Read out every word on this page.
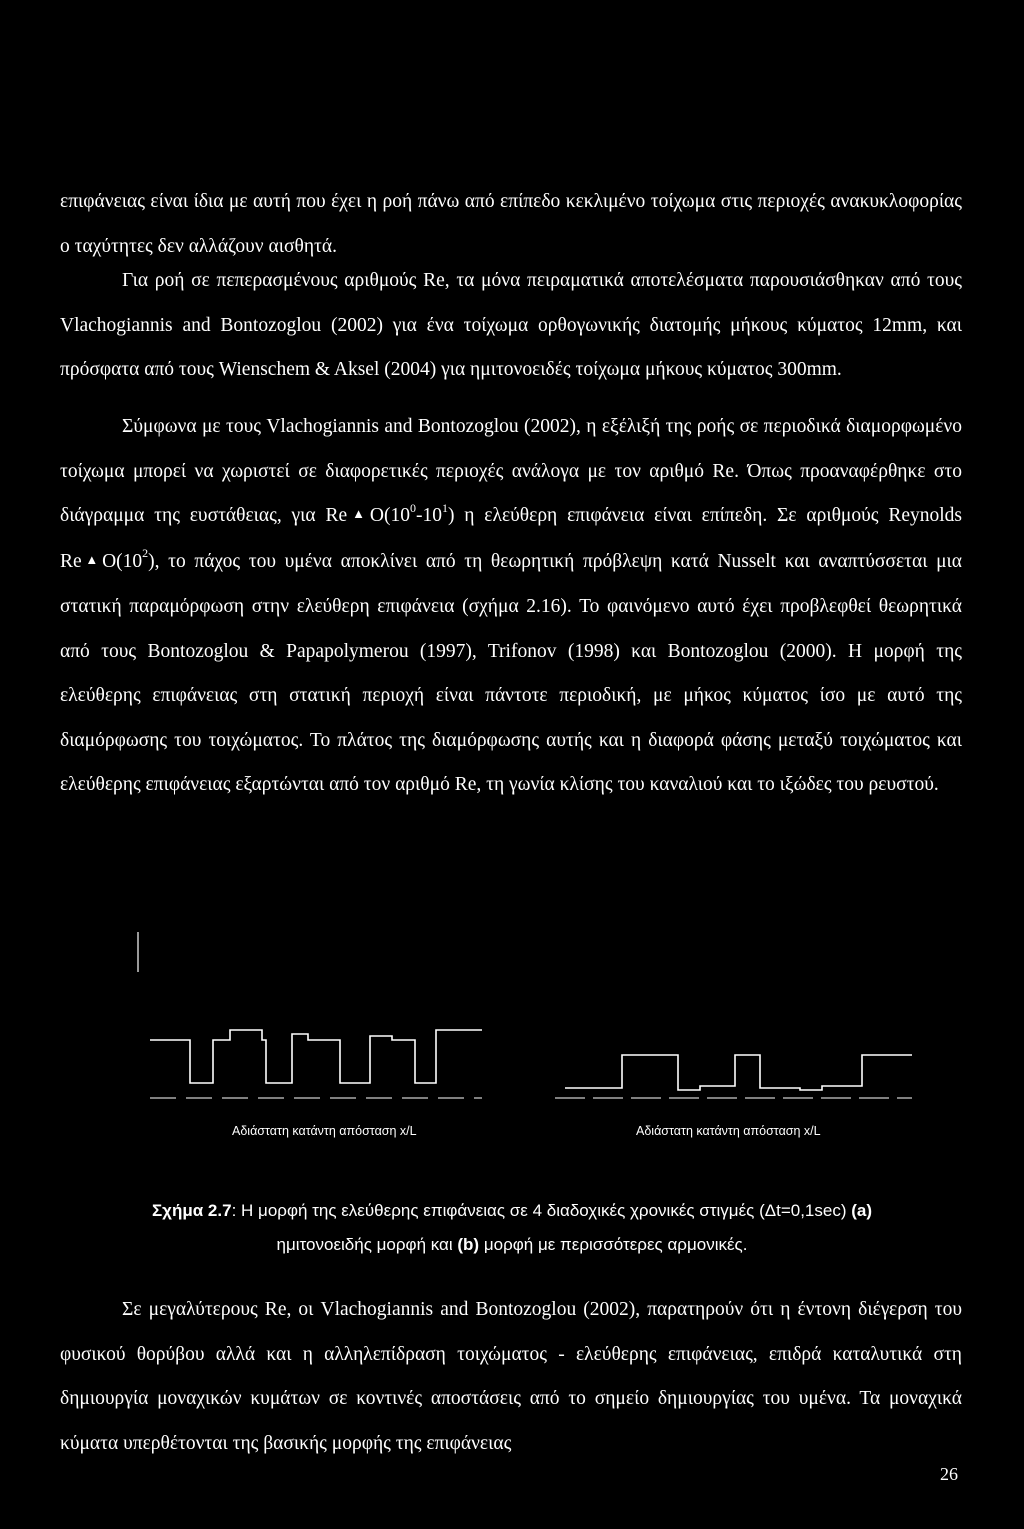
επιφάνειας είναι ίδια με αυτή που έχει η ροή πάνω από επίπεδο κεκλιμένο τοίχωμα στις περιοχές ανακυκλοφορίας ο ταχύτητες δεν αλλάζουν αισθητά.

Για ροή σε πεπερασμένους αριθμούς Re, τα μόνα πειραματικά αποτελέσματα παρουσιάσθηκαν από τους Vlachogiannis and Bontozoglou (2002) για ένα τοίχωμα ορθογωνικής διατομής μήκους κύματος 12mm, και πρόσφατα από τους Wienschem & Aksel (2004) για ημιτονοειδές τοίχωμα μήκους κύματος 300mm.

Σύμφωνα με τους Vlachogiannis and Bontozoglou (2002), η εξέλιξή της ροής σε περιοδικά διαμορφωμένο τοίχωμα μπορεί να χωριστεί σε διαφορετικές περιοχές ανάλογα με τον αριθμό Re. Όπως προαναφέρθηκε στο διάγραμμα της ευστάθειας, για $Re▲O(10^0-10^1)$ η ελεύθερη επιφάνεια είναι επίπεδη. Σε αριθμούς Reynolds $Re▲O(10^2)$, το πάχος του υμένα αποκλίνει από τη θεωρητική πρόβλεψη κατά Nusselt και αναπτύσσεται μια στατική παραμόρφωση στην ελεύθερη επιφάνεια (σχήμα 2.16). Το φαινόμενο αυτό έχει προβλεφθεί θεωρητικά από τους Bontozoglou & Papapolymerou (1997), Trifonov (1998) και Bontozoglou (2000). Η μορφή της ελεύθερης επιφάνειας στη στατική περιοχή είναι πάντοτε περιοδική, με μήκος κύματος ίσο με αυτό της διαμόρφωσης του τοιχώματος. Το πλάτος της διαμόρφωσης αυτής και η διαφορά φάσης μεταξύ τοιχώματος και ελεύθερης επιφάνειας εξαρτώνται από τον αριθμό Re, τη γωνία κλίσης του καναλιού και το ιξώδες του ρευστού.

Αδιάστατη κατάντη απόσταση x/L	Αδιάστατη κατάντη απόσταση x/L
Σχήμα 2.7: Η μορφή της ελεύθερης επιφάνειας σε 4 διαδοχικές χρονικές στιγμές (Δt=0,1sec) (a)
ημιτονοειδής μορφή και (b) μορφή με περισσότερες αρμονικές.

Σε μεγαλύτερους Re, οι Vlachogiannis and Bontozoglou (2002), παρατηρούν ότι η έντονη διέγερση του φυσικού θορύβου αλλά και η αλληλεπίδραση τοιχώματος - ελεύθερης επιφάνειας, επιδρά καταλυτικά στη δημιουργία μοναχικών κυμάτων σε κοντινές αποστάσεις από το σημείο δημιουργίας του υμένα. Τα μοναχικά κύματα υπερθέτονται της βασικής μορφής της επιφάνειας

26
